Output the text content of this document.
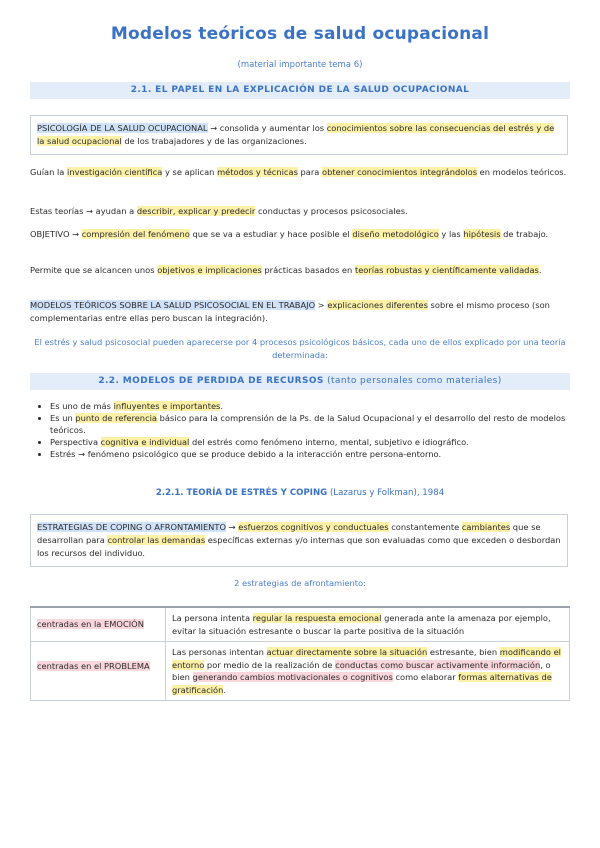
Modelos teóricos de salud ocupacional
(material importante tema 6)
2.1. EL PAPEL EN LA EXPLICACIÓN DE LA SALUD OCUPACIONAL
PSICOLOGÍA DE LA SALUD OCUPACIONAL → consolida y aumentar los conocimientos sobre las consecuencias del estrés y de la salud ocupacional de los trabajadores y de las organizaciones.
Guían la investigación científica y se aplican métodos y técnicas para obtener conocimientos integrándolos en modelos teóricos.
Estas teorías → ayudan a describir, explicar y predecir conductas y procesos psicosociales.
OBJETIVO → compresión del fenómeno que se va a estudiar y hace posible el diseño metodológico y las hipótesis de trabajo.
Permite que se alcancen unos objetivos e implicaciones prácticas basados en teorías robustas y científicamente validadas.
MODELOS TEÓRICOS SOBRE LA SALUD PSICOSOCIAL EN EL TRABAJO > explicaciones diferentes sobre el mismo proceso (son complementarias entre ellas pero buscan la integración).
El estrés y salud psicosocial pueden aparecerse por 4 procesos psicológicos básicos, cada uno de ellos explicado por una teoría determinada:
2.2. MODELOS DE PERDIDA DE RECURSOS (tanto personales como materiales)
• Es uno de más influyentes e importantes.
• Es un punto de referencia básico para la comprensión de la Ps. de la Salud Ocupacional y el desarrollo del resto de modelos teóricos.
• Perspectiva cognitiva e individual del estrés como fenómeno interno, mental, subjetivo e idiográfico.
• Estrés → fenómeno psicológico que se produce debido a la interacción entre persona-entorno.
2.2.1. TEORÍA DE ESTRÉS Y COPING (Lazarus y Folkman), 1984
ESTRATEGIAS DE COPING O AFRONTAMIENTO → esfuerzos cognitivos y conductuales constantemente cambiantes que se desarrollan para controlar las demandas específicas externas y/o internas que son evaluadas como que exceden o desbordan los recursos del individuo.
2 estrategias de afrontamiento:
centradas en la EMOCIÓN	La persona intenta regular la respuesta emocional generada ante la amenaza por ejemplo, evitar la situación estresante o buscar la parte positiva de la situación
centradas en el PROBLEMA	Las personas intentan actuar directamente sobre la situación estresante, bien modificando el entorno por medio de la realización de conductas como buscar activamente información, o bien generando cambios motivacionales o cognitivos como elaborar formas alternativas de gratificación.
